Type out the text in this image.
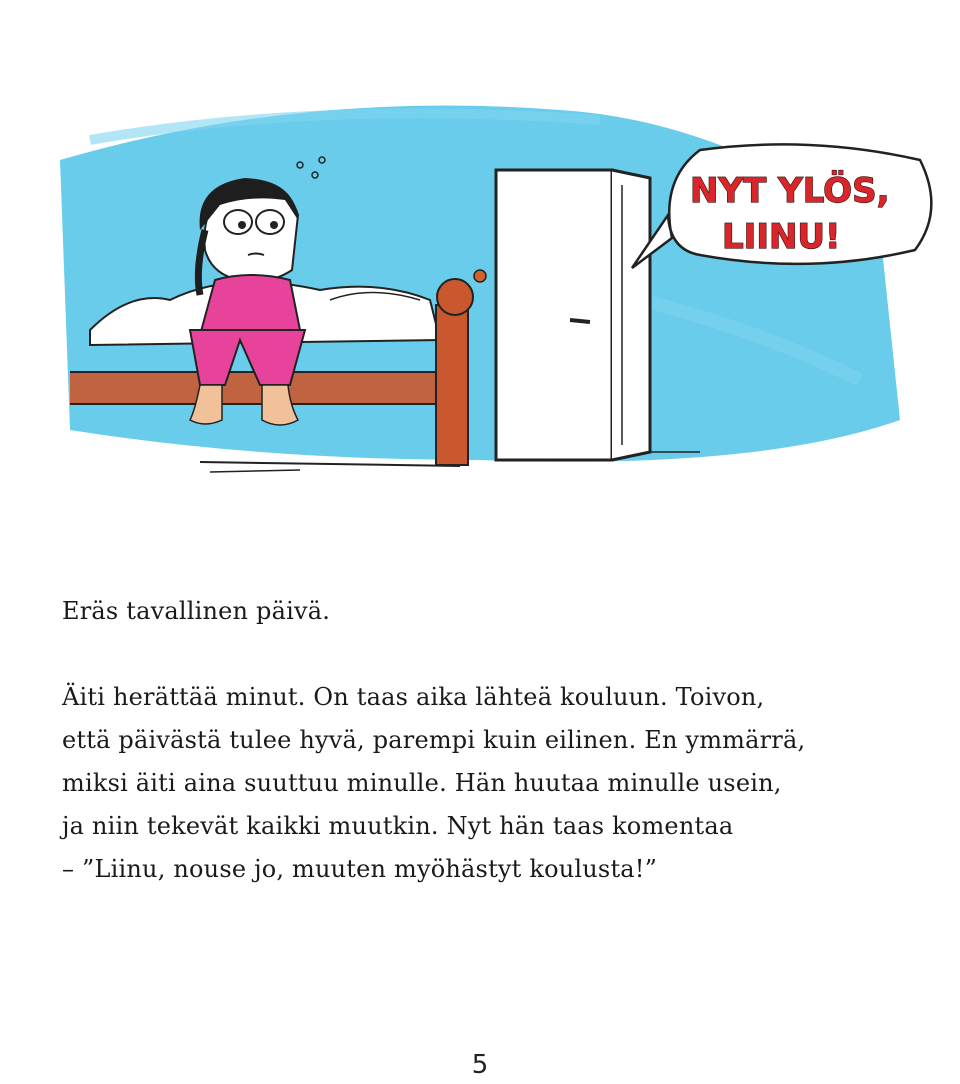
NYT YLÖS,
LIINU!

Eräs tavallinen päivä.

Äiti herättää minut. On taas aika lähteä kouluun. Toivon,

että päivästä tulee hyvä, parempi kuin eilinen. En ymmärrä,

miksi äiti aina suuttuu minulle. Hän huutaa minulle usein,

ja niin tekevät kaikki muutkin. Nyt hän taas komentaa

– ”Liinu, nouse jo, muuten myöhästyt koulusta!”

5
